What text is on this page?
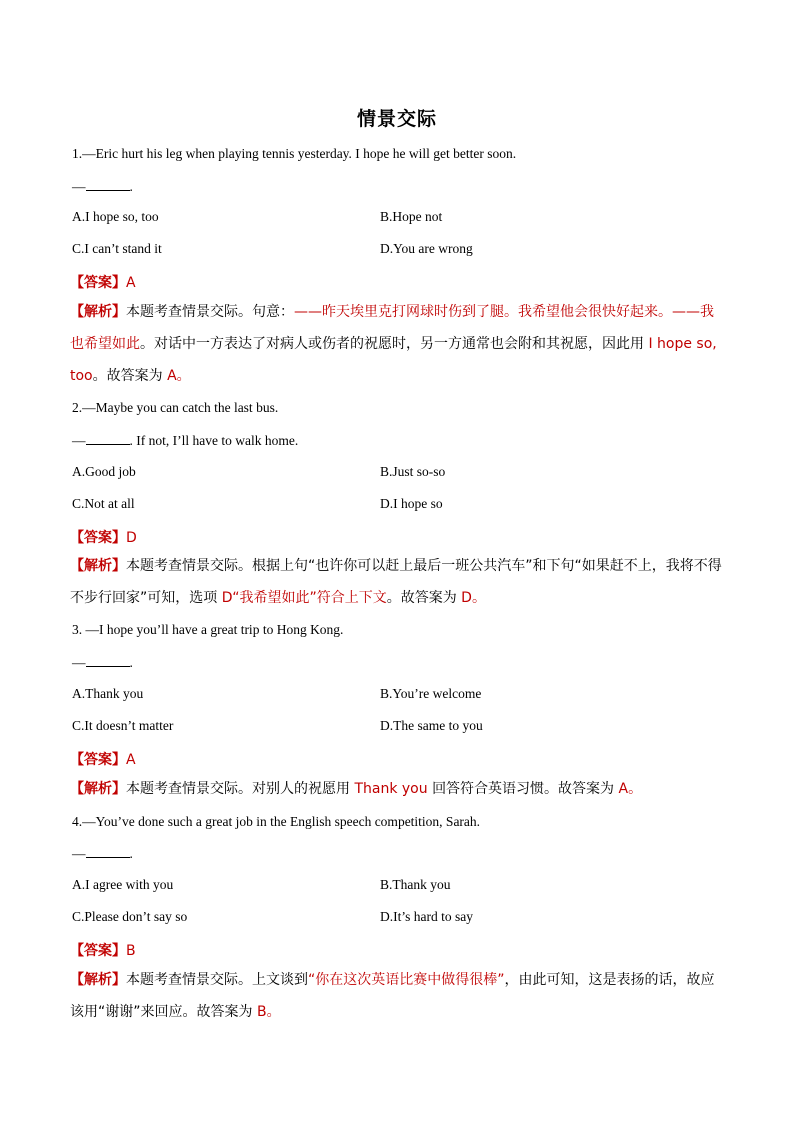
情景交际
1.—Eric hurt his leg when playing tennis yesterday. I hope he will get better soon.
—	.
A.I hope so, too	B.Hope not
C.I can’t stand it	D.You are wrong
【答案】A
【解析】本题考查情景交际。句意：——昨天埃里克打网球时伤到了腿。我希望他会很快好起来。——我也希望如此。对话中一方表达了对病人或伤者的祝愿时，另一方通常也会附和其祝愿，因此用 I hope so, too。故答案为 A。
2.—Maybe you can catch the last bus.
—	. If not, I’ll have to walk home.
A.Good job	B.Just so-so
C.Not at all	D.I hope so
【答案】D
【解析】本题考查情景交际。根据上句“也许你可以赶上最后一班公共汽车”和下句“如果赶不上，我将不得不步行回家”可知，选项 D“我希望如此”符合上下文。故答案为 D。
3. —I hope you’ll have a great trip to Hong Kong.
—	.
A.Thank you	B.You’re welcome
C.It doesn’t matter	D.The same to you
【答案】A
【解析】本题考查情景交际。对别人的祝愿用 Thank you 回答符合英语习惯。故答案为 A。
4.—You’ve done such a great job in the English speech competition, Sarah.
—	.
A.I agree with you	B.Thank you
C.Please don’t say so	D.It’s hard to say
【答案】B
【解析】本题考查情景交际。上文谈到“你在这次英语比赛中做得很棒”，由此可知，这是表扬的话，故应该用“谢谢”来回应。故答案为 B。
